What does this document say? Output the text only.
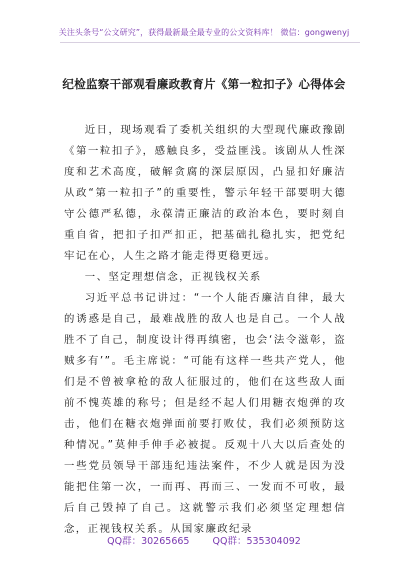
关注头条号“公文研究”，获得最新最全最专业的公文资料库！ 微信：gongwenyj
纪检监察干部观看廉政教育片《第一粒扣子》心得体会

近日，现场观看了委机关组织的大型现代廉政豫剧《第一粒扣子》，感触良多，受益匪浅。该剧从人性深度和艺术高度，破解贪腐的深层原因，凸显扣好廉洁从政“第一粒扣子”的重要性，警示年轻干部要明大德守公德严私德，永葆清正廉洁的政治本色，要时刻自重自省，把扣子扣严扣正，把基础扎稳扎实，把党纪牢记在心，人生之路才能走得更稳更远。

一、坚定理想信念，正视钱权关系

习近平总书记讲过：“一个人能否廉洁自律，最大的诱惑是自己，最难战胜的敌人也是自己。一个人战胜不了自己，制度设计得再缜密，也会‘法令滋彰，盗贼多有’”。毛主席说：“可能有这样一些共产党人，他们是不曾被拿枪的敌人征服过的，他们在这些敌人面前不愧英雄的称号；但是经不起人们用糖衣炮弹的攻击，他们在糖衣炮弹面前要打败仗，我们必须预防这种情况。”莫伸手伸手必被捉。反观十八大以后查处的一些党员领导干部违纪违法案件，不少人就是因为没能把住第一次，一而再、再而三、一发而不可收，最后自己毁掉了自己。这就警示我们必须坚定理想信念，正视钱权关系。从国家廉政纪录

QQ群：30265665 QQ群：535304092
